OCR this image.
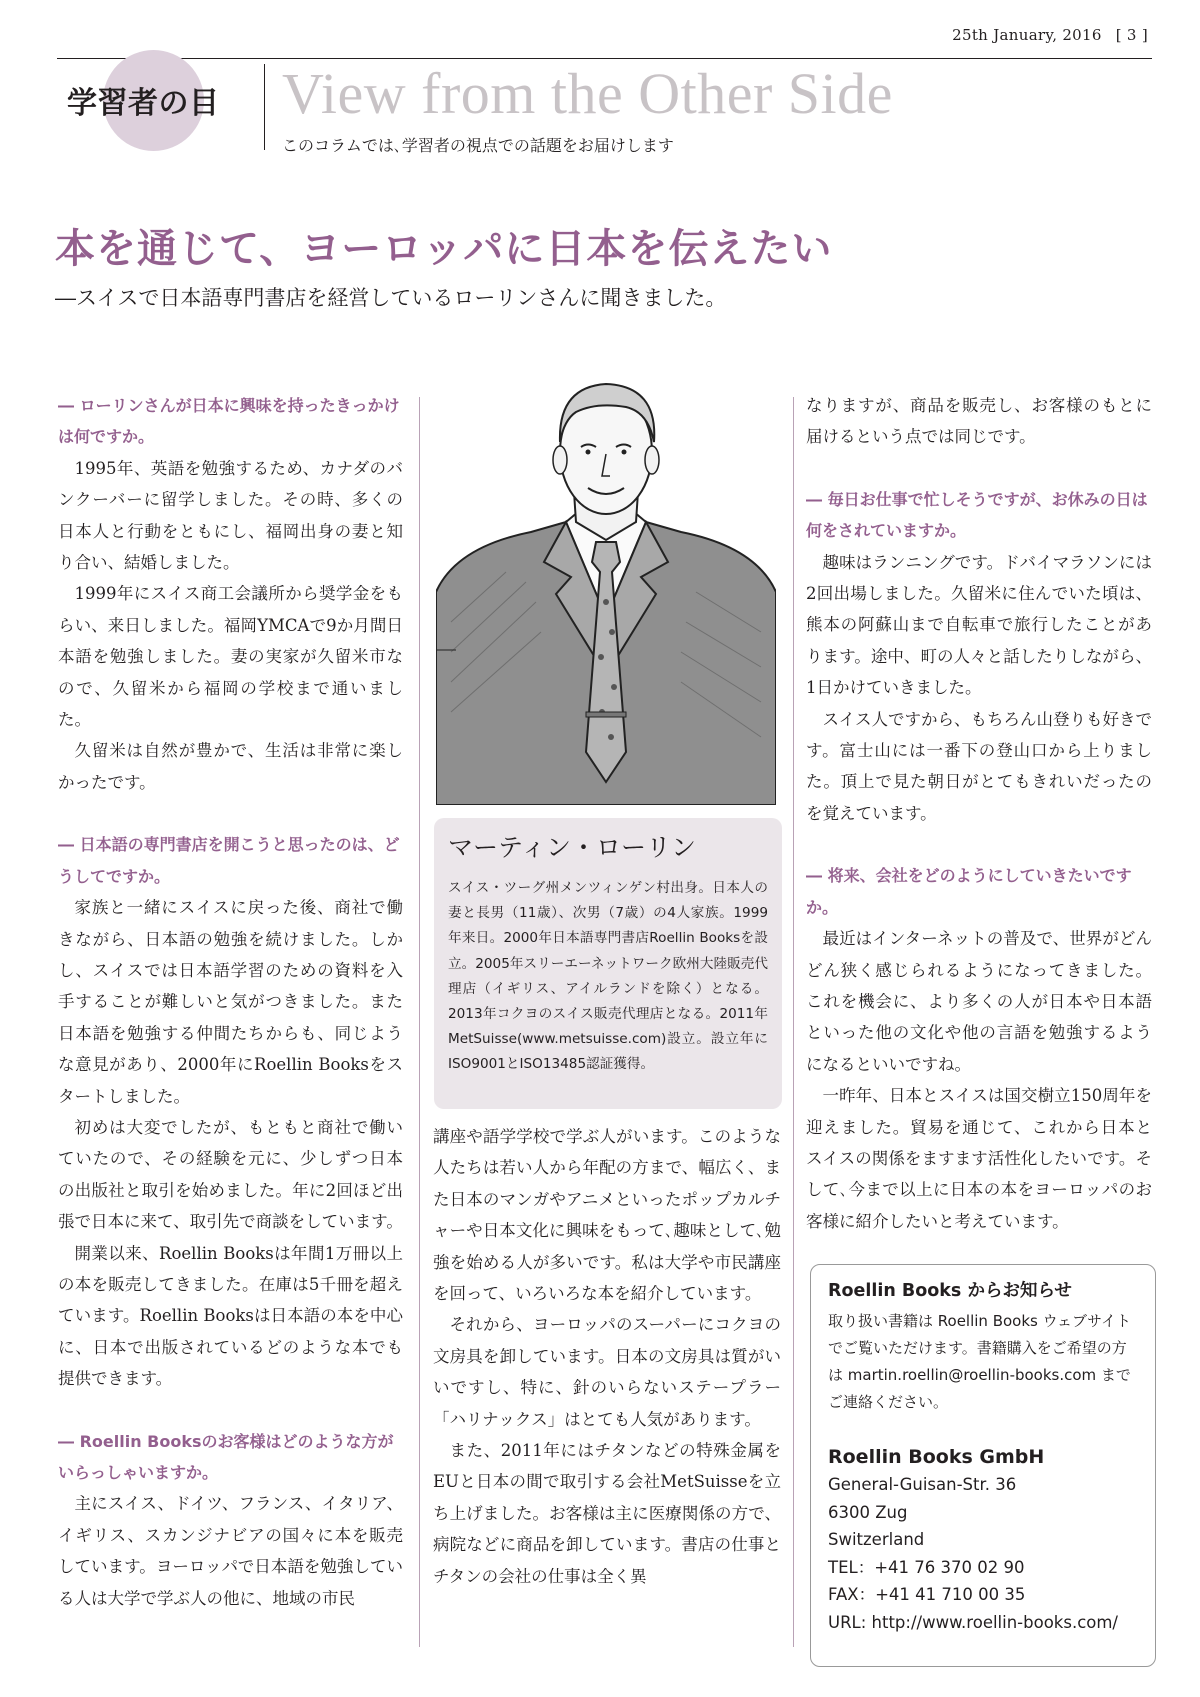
25th January, 2016 [ 3 ]
学習者の目 View from the Other Side
このコラムでは､学習者の視点での話題をお届けします
本を通じて、ヨーロッパに日本を伝えたい
―スイスで日本語専門書店を経営しているローリンさんに聞きました。
― ローリンさんが日本に興味を持ったきっかけは何ですか。

1995年、英語を勉強するため、カナダのバンクーバーに留学しました。その時、多くの日本人と行動をともにし、福岡出身の妻と知り合い、結婚しました。

1999年にスイス商工会議所から奨学金をもらい、来日しました。福岡YMCAで9か月間日本語を勉強しました。妻の実家が久留米市なので、久留米から福岡の学校まで通いました。

久留米は自然が豊かで、生活は非常に楽しかったです。

― 日本語の専門書店を開こうと思ったのは、どうしてですか。

家族と一緒にスイスに戻った後、商社で働きながら、日本語の勉強を続けました。しかし、スイスでは日本語学習のための資料を入手することが難しいと気がつきました。また日本語を勉強する仲間たちからも、同じような意見があり、2000年にRoellin Booksをスタートしました。

初めは大変でしたが、もともと商社で働いていたので、その経験を元に、少しずつ日本の出版社と取引を始めました。年に2回ほど出張で日本に来て、取引先で商談をしています。

開業以来、Roellin Booksは年間1万冊以上の本を販売してきました。在庫は5千冊を超えています。Roellin Booksは日本語の本を中心に、日本で出版されているどのような本でも提供できます。

― Roellin Booksのお客様はどのような方がいらっしゃいますか。

主にスイス、ドイツ、フランス、イタリア、イギリス、スカンジナビアの国々に本を販売しています。ヨーロッパで日本語を勉強している人は大学で学ぶ人の他に、地域の市民

マーティン・ローリン
スイス・ツーグ州メンツィンゲン村出身。日本人の妻と長男（11歳）、次男（7歳）の4人家族。1999年来日。2000年日本語専門書店Roellin Booksを設立。2005年スリーエーネットワーク欧州大陸販売代理店（イギリス、アイルランドを除く）となる。2013年コクヨのスイス販売代理店となる。2011年MetSuisse(www.metsuisse.com)設立。設立年にISO9001とISO13485認証獲得。

講座や語学学校で学ぶ人がいます。このような人たちは若い人から年配の方まで、幅広く、また日本のマンガやアニメといったポップカルチャーや日本文化に興味をもって､趣味として､勉強を始める人が多いです。私は大学や市民講座を回って、いろいろな本を紹介しています。

それから、ヨーロッパのスーパーにコクヨの文房具を卸しています。日本の文房具は質がいいですし、特に、針のいらないステープラー「ハリナックス」はとても人気があります。

また、2011年にはチタンなどの特殊金属をEUと日本の間で取引する会社MetSuisseを立ち上げました。お客様は主に医療関係の方で、病院などに商品を卸しています。書店の仕事とチタンの会社の仕事は全く異

なりますが、商品を販売し、お客様のもとに届けるという点では同じです。

― 毎日お仕事で忙しそうですが、お休みの日は何をされていますか。

趣味はランニングです。ドバイマラソンには2回出場しました。久留米に住んでいた頃は、熊本の阿蘇山まで自転車で旅行したことがあります。途中、町の人々と話したりしながら、1日かけていきました。

スイス人ですから、もちろん山登りも好きです。富士山には一番下の登山口から上りました。頂上で見た朝日がとてもきれいだったのを覚えています。

― 将来、会社をどのようにしていきたいですか。

最近はインターネットの普及で、世界がどんどん狭く感じられるようになってきました。これを機会に、より多くの人が日本や日本語といった他の文化や他の言語を勉強するようになるといいですね。

一昨年、日本とスイスは国交樹立150周年を迎えました。貿易を通じて、これから日本とスイスの関係をますます活性化したいです。そして､今まで以上に日本の本をヨーロッパのお客様に紹介したいと考えています。

Roellin Books からお知らせ
取り扱い書籍は Roellin Books ウェブサイトでご覧いただけます。書籍購入をご希望の方は martin.roellin@roellin-books.com までご連絡ください。
Roellin Books GmbH
General-Guisan-Str. 36
6300 Zug
Switzerland
TEL：+41 76 370 02 90
FAX：+41 41 710 00 35
URL: http://www.roellin-books.com/
